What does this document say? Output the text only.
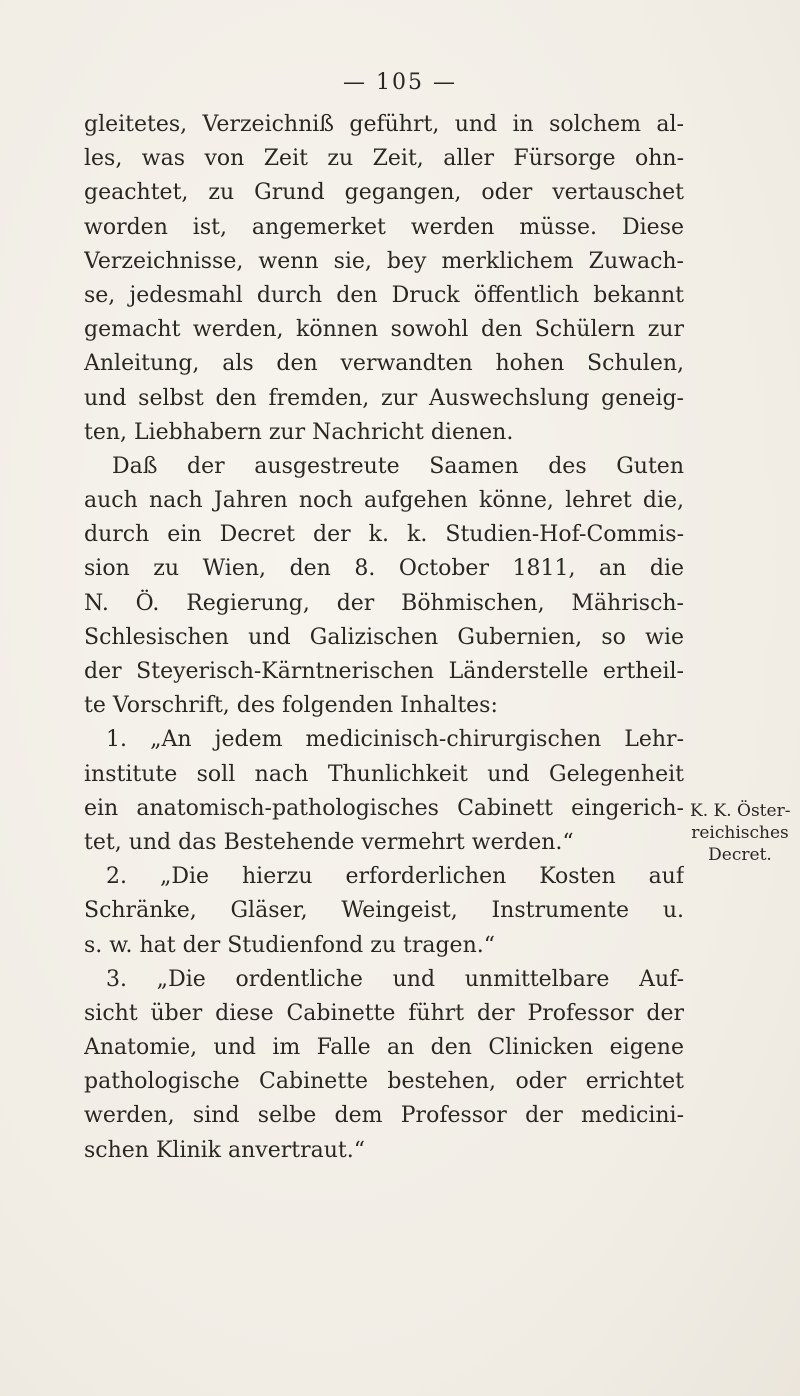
— 105 —
gleitetes, Verzeichniß geführt, und in solchem al-
les, was von Zeit zu Zeit, aller Fürsorge ohn-
geachtet, zu Grund gegangen, oder vertauschet
worden ist, angemerket werden müsse. Diese
Verzeichnisse, wenn sie, bey merklichem Zuwach-
se, jedesmahl durch den Druck öffentlich bekannt
gemacht werden, können sowohl den Schülern zur
Anleitung, als den verwandten hohen Schulen,
und selbst den fremden, zur Auswechslung geneig-
ten, Liebhabern zur Nachricht dienen.
Daß der ausgestreute Saamen des Guten
auch nach Jahren noch aufgehen könne, lehret die,
durch ein Decret der k. k. Studien-Hof-Commis-
sion zu Wien, den 8. October 1811, an die
N. Ö. Regierung, der Böhmischen, Mährisch-
Schlesischen und Galizischen Gubernien, so wie
der Steyerisch-Kärntnerischen Länderstelle ertheil-
te Vorschrift, des folgenden Inhaltes:
1. „An jedem medicinisch-chirurgischen Lehr-
institute soll nach Thunlichkeit und Gelegenheit
ein anatomisch-pathologisches Cabinett eingerich-
tet, und das Bestehende vermehrt werden.“
2. „Die hierzu erforderlichen Kosten auf
Schränke, Gläser, Weingeist, Instrumente u.
s. w. hat der Studienfond zu tragen.“
3. „Die ordentliche und unmittelbare Auf-
sicht über diese Cabinette führt der Professor der
Anatomie, und im Falle an den Clinicken eigene
pathologische Cabinette bestehen, oder errichtet
werden, sind selbe dem Professor der medicini-
schen Klinik anvertraut.“
K. K. Öster-
reichisches
Decret.
